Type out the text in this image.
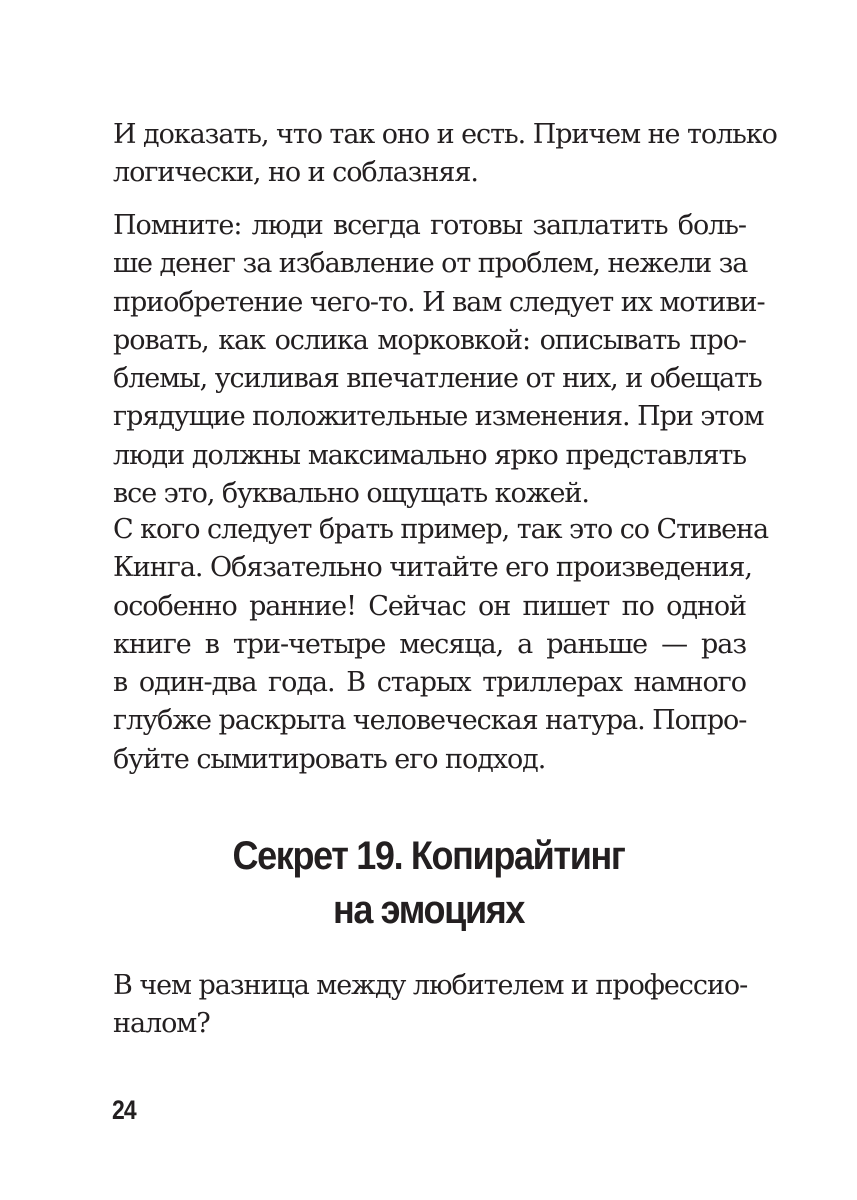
И доказать, что так оно и есть. Причем не только
логически, но и соблазняя.
Помните: люди всегда готовы заплатить боль-
ше денег за избавление от проблем, нежели за
приобретение чего-то. И вам следует их мотиви-
ровать, как ослика морковкой: описывать про-
блемы, усиливая впечатление от них, и обещать
грядущие положительные изменения. При этом
люди должны максимально ярко представлять
все это, буквально ощущать кожей.
С кого следует брать пример, так это со Стивена
Кинга. Обязательно читайте его произведения,
особенно ранние! Сейчас он пишет по одной
книге в три-четыре месяца, а раньше — раз
в один-два года. В старых триллерах намного
глубже раскрыта человеческая натура. Попро-
буйте сымитировать его подход.
Секрет 19. Копирайтинг
на эмоциях
В чем разница между любителем и профессио-
налом?
24
